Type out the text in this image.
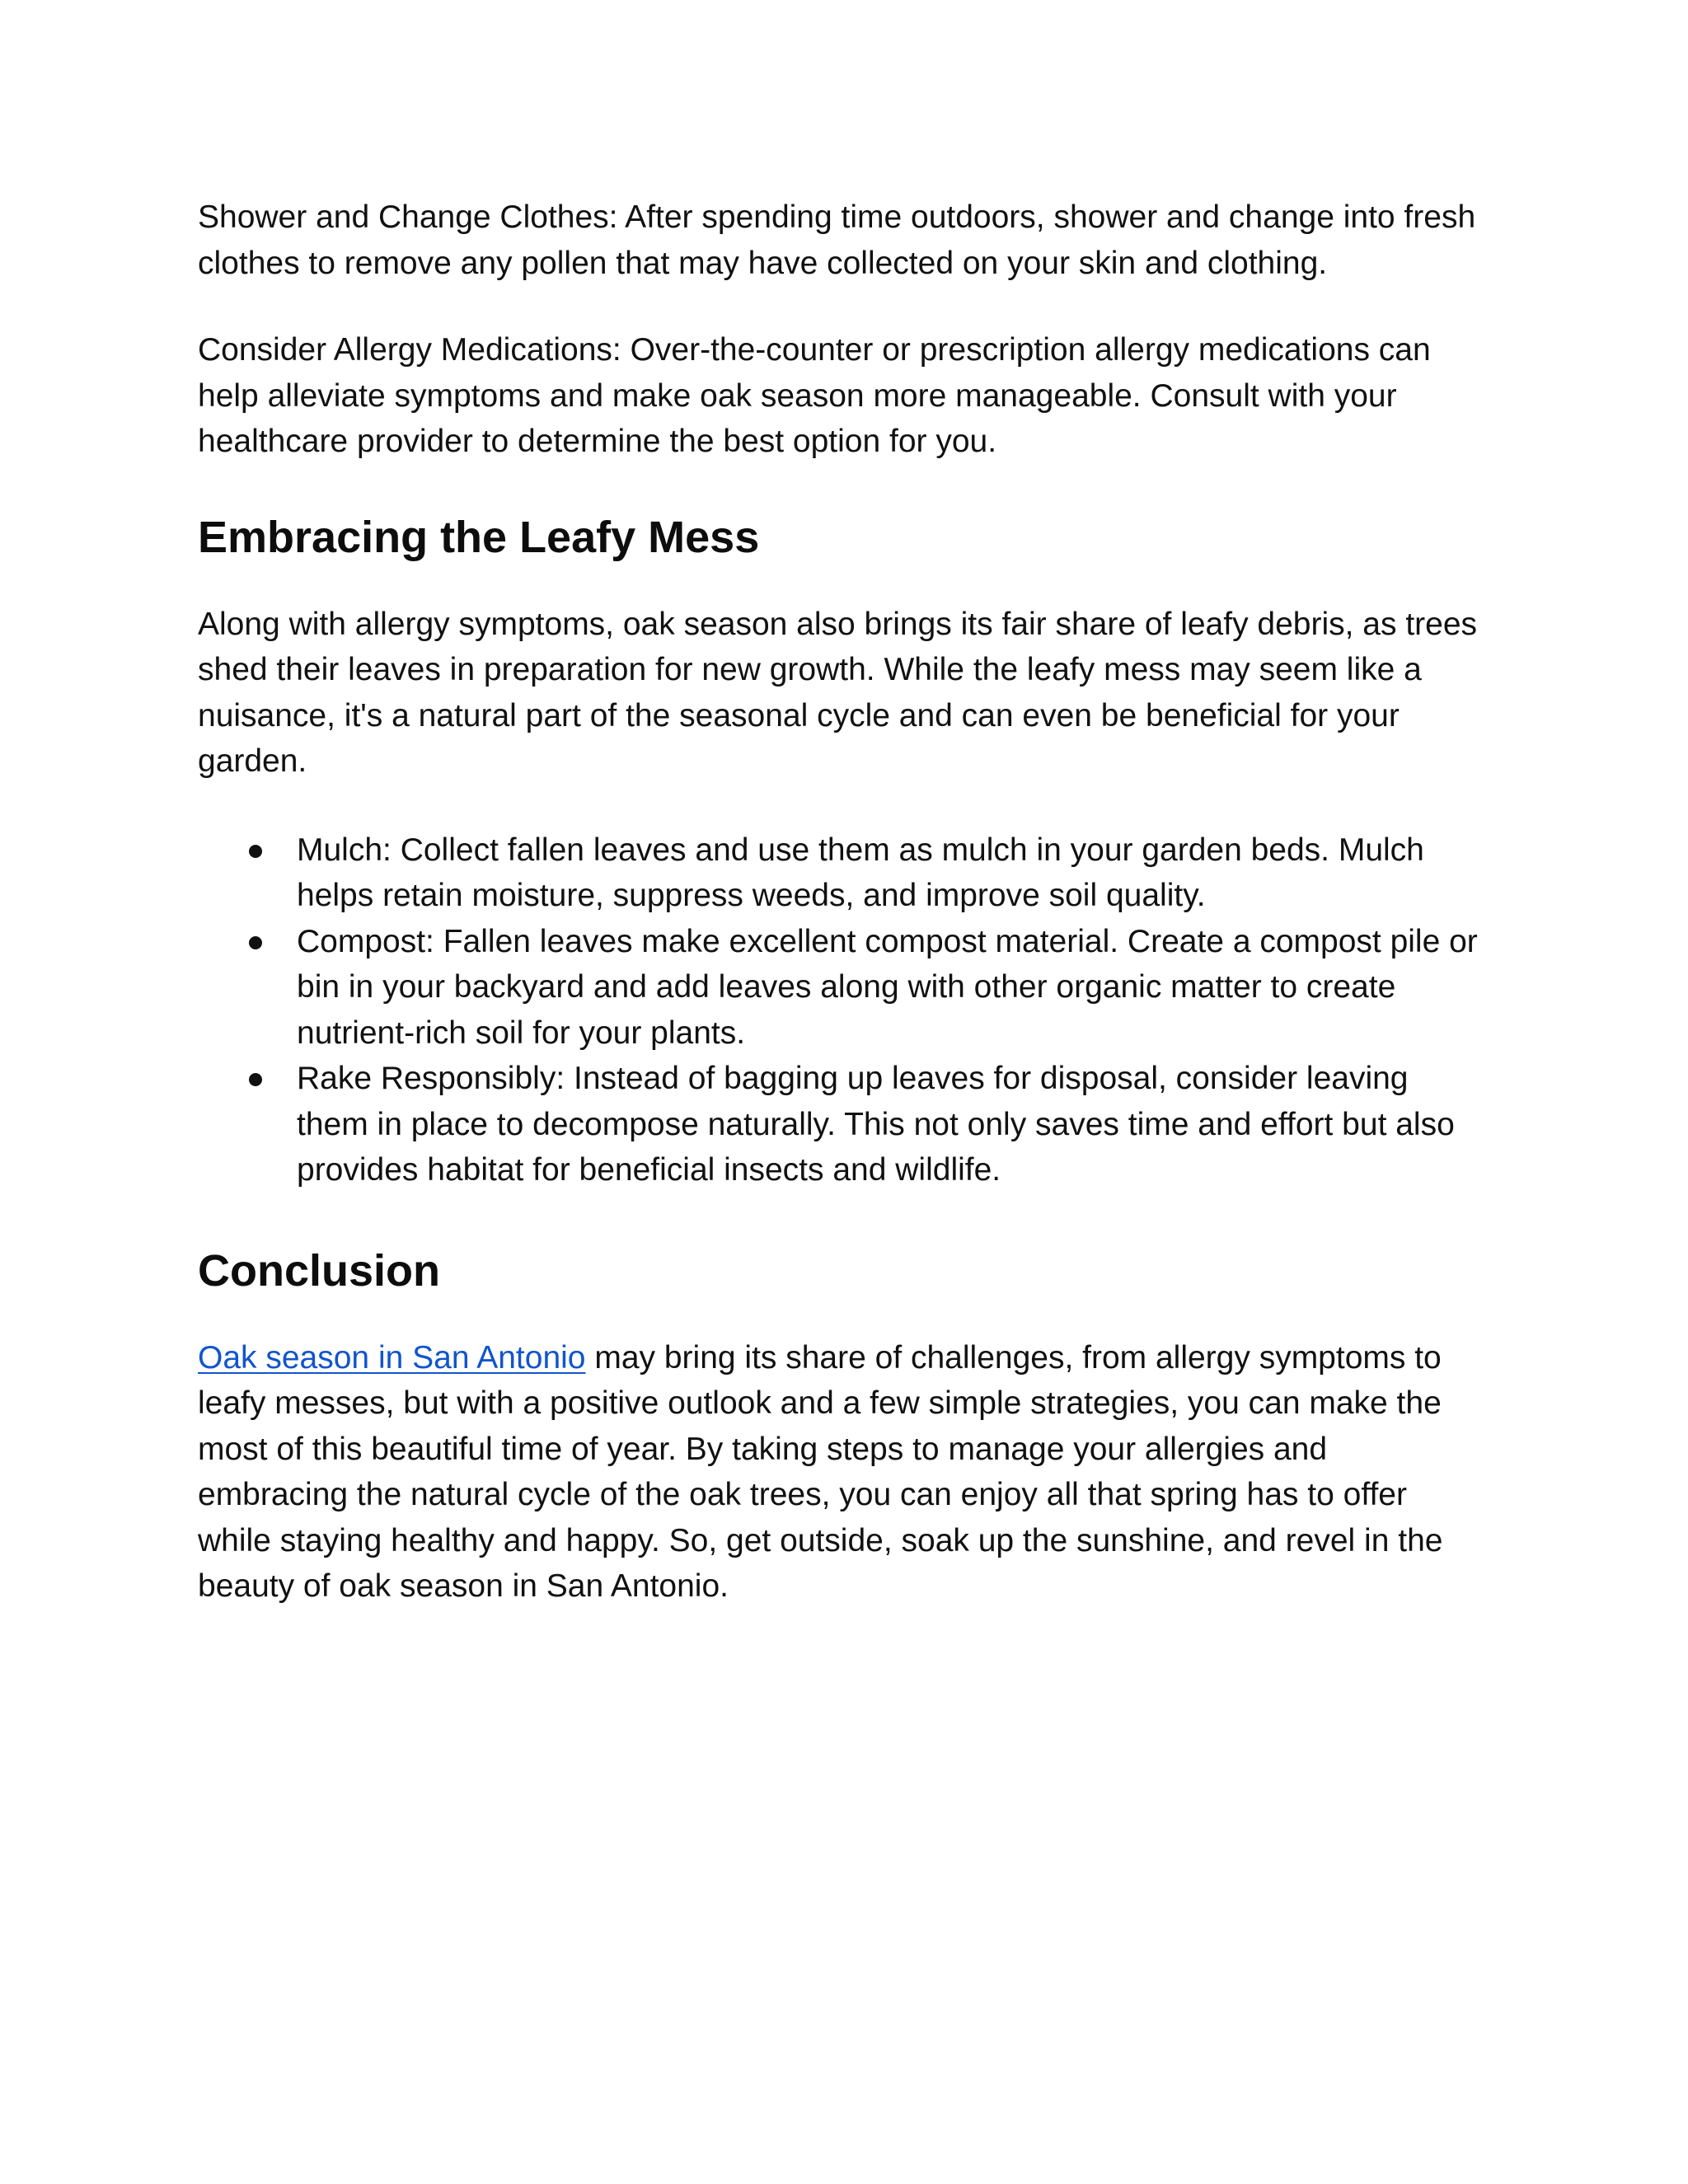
Shower and Change Clothes: After spending time outdoors, shower and change into fresh clothes to remove any pollen that may have collected on your skin and clothing.

Consider Allergy Medications: Over-the-counter or prescription allergy medications can help alleviate symptoms and make oak season more manageable. Consult with your healthcare provider to determine the best option for you.

Embracing the Leafy Mess

Along with allergy symptoms, oak season also brings its fair share of leafy debris, as trees shed their leaves in preparation for new growth. While the leafy mess may seem like a nuisance, it's a natural part of the seasonal cycle and can even be beneficial for your garden.

Mulch: Collect fallen leaves and use them as mulch in your garden beds. Mulch helps retain moisture, suppress weeds, and improve soil quality.
Compost: Fallen leaves make excellent compost material. Create a compost pile or bin in your backyard and add leaves along with other organic matter to create nutrient-rich soil for your plants.
Rake Responsibly: Instead of bagging up leaves for disposal, consider leaving them in place to decompose naturally. This not only saves time and effort but also provides habitat for beneficial insects and wildlife.
Conclusion

Oak season in San Antonio may bring its share of challenges, from allergy symptoms to leafy messes, but with a positive outlook and a few simple strategies, you can make the most of this beautiful time of year. By taking steps to manage your allergies and embracing the natural cycle of the oak trees, you can enjoy all that spring has to offer while staying healthy and happy. So, get outside, soak up the sunshine, and revel in the beauty of oak season in San Antonio.
